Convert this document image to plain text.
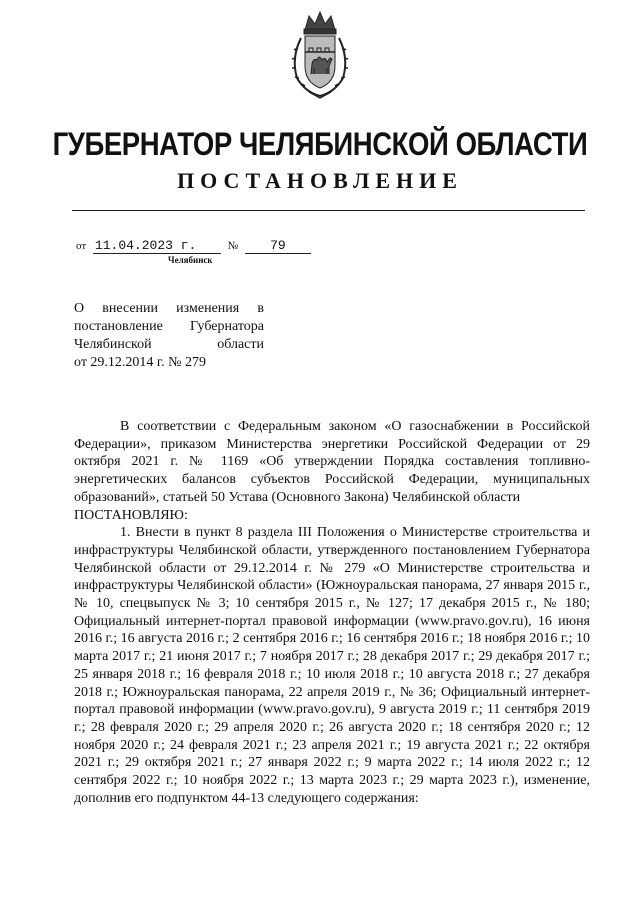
ГУБЕРНАТОР ЧЕЛЯБИНСКОЙ ОБЛАСТИ
ПОСТАНОВЛЕНИЕ
от 11.04.2023 г.	№ 79
Челябинск
О внесении изменения в
постановление Губернатора
Челябинской области
от 29.12.2014 г. № 279

В соответствии с Федеральным законом «О газоснабжении в Российской Федерации», приказом Министерства энергетики Российской Федерации от 29 октября 2021 г. № 1169 «Об утверждении Порядка составления топливно-энергетических балансов субъектов Российской Федерации, муниципальных образований», статьей 50 Устава (Основного Закона) Челябинской области

ПОСТАНОВЛЯЮ:

1. Внести в пункт 8 раздела III Положения о Министерстве строительства и инфраструктуры Челябинской области, утвержденного постановлением Губернатора Челябинской области от 29.12.2014 г. № 279 «О Министерстве строительства и инфраструктуры Челябинской области» (Южноуральская панорама, 27 января 2015 г., № 10, спецвыпуск № 3; 10 сентября 2015 г., № 127; 17 декабря 2015 г., № 180; Официальный интернет-портал правовой информации (www.pravo.gov.ru), 16 июня 2016 г.; 16 августа 2016 г.; 2 сентября 2016 г.; 16 сентября 2016 г.; 18 ноября 2016 г.; 10 марта 2017 г.; 21 июня 2017 г.; 7 ноября 2017 г.; 28 декабря 2017 г.; 29 декабря 2017 г.; 25 января 2018 г.; 16 февраля 2018 г.; 10 июля 2018 г.; 10 августа 2018 г.; 27 декабря 2018 г.; Южноуральская панорама, 22 апреля 2019 г., № 36; Официальный интернет-портал правовой информации (www.pravo.gov.ru), 9 августа 2019 г.; 11 сентября 2019 г.; 28 февраля 2020 г.; 29 апреля 2020 г.; 26 августа 2020 г.; 18 сентября 2020 г.; 12 ноября 2020 г.; 24 февраля 2021 г.; 23 апреля 2021 г.; 19 августа 2021 г.; 22 октября 2021 г.; 29 октября 2021 г.; 27 января 2022 г.; 9 марта 2022 г.; 14 июля 2022 г.; 12 сентября 2022 г.; 10 ноября 2022 г.; 13 марта 2023 г.; 29 марта 2023 г.), изменение, дополнив его подпунктом 44-13 следующего содержания:
